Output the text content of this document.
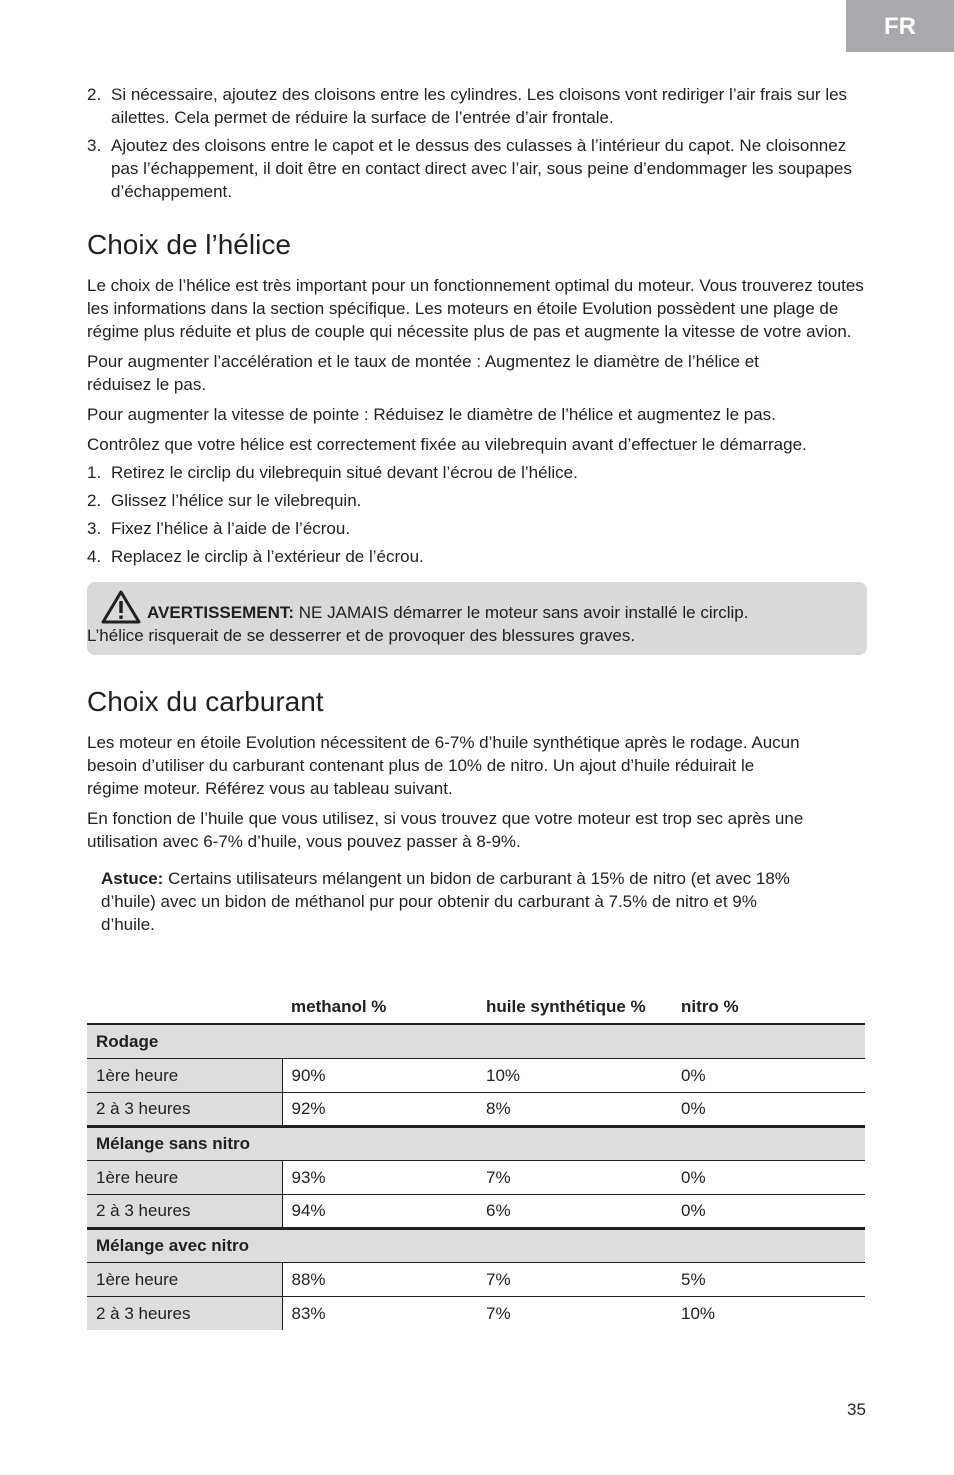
FR
2. Si nécessaire, ajoutez des cloisons entre les cylindres. Les cloisons vont rediriger l’air frais sur les ailettes. Cela permet de réduire la surface de l’entrée d’air frontale.
3. Ajoutez des cloisons entre le capot et le dessus des culasses à l’intérieur du capot. Ne cloisonnez pas l’échappement, il doit être en contact direct avec l’air, sous peine d’endommager les soupapes d’échappement.
Choix de l’hélice

Le choix de l’hélice est très important pour un fonctionnement optimal du moteur. Vous trouverez toutes les informations dans la section spécifique. Les moteurs en étoile Evolution possèdent une plage de régime plus réduite et plus de couple qui nécessite plus de pas et augmente la vitesse de votre avion.

Pour augmenter l’accélération et le taux de montée : Augmentez le diamètre de l’hélice et réduisez le pas.

Pour augmenter la vitesse de pointe : Réduisez le diamètre de l’hélice et augmentez le pas.

Contrôlez que votre hélice est correctement fixée au vilebrequin avant d’effectuer le démarrage.

1. Retirez le circlip du vilebrequin situé devant l’écrou de l’hélice.
2. Glissez l’hélice sur le vilebrequin.
3. Fixez l’hélice à l’aide de l’écrou.
4. Replacez le circlip à l’extérieur de l’écrou.
AVERTISSEMENT: NE JAMAIS démarrer le moteur sans avoir installé le circlip.
L’hélice risquerait de se desserrer et de provoquer des blessures graves.
Choix du carburant

Les moteur en étoile Evolution nécessitent de 6-7% d’huile synthétique après le rodage. Aucun besoin d’utiliser du carburant contenant plus de 10% de nitro. Un ajout d’huile réduirait le régime moteur. Référez vous au tableau suivant.

En fonction de l’huile que vous utilisez, si vous trouvez que votre moteur est trop sec après une utilisation avec 6-7% d’huile, vous pouvez passer à 8-9%.

Astuce: Certains utilisateurs mélangent un bidon de carburant à 15% de nitro (et avec 18% d’huile) avec un bidon de méthanol pur pour obtenir du carburant à 7.5% de nitro et 9% d’huile.
	methanol %	huile synthétique %	nitro %
Rodage			
1ère heure	90%	10%	0%
2 à 3 heures	92%	8%	0%
Mélange sans nitro			
1ère heure	93%	7%	0%
2 à 3 heures	94%	6%	0%
Mélange avec nitro			
1ère heure	88%	7%	5%
2 à 3 heures	83%	7%	10%
35
